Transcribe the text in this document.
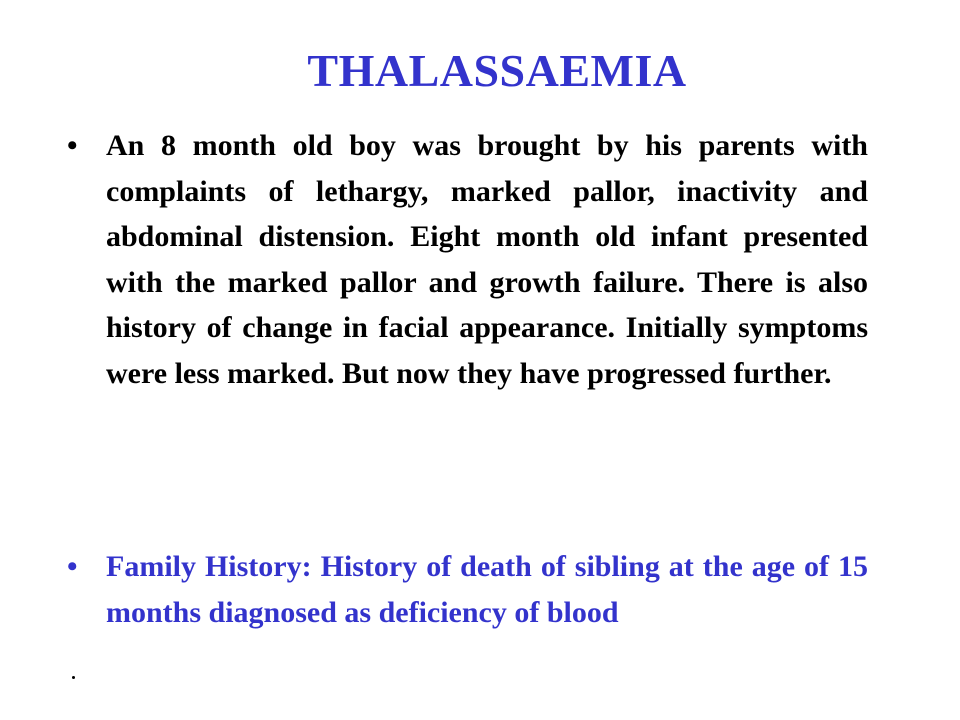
THALASSAEMIA
• An 8 month old boy was brought by his parents with complaints of lethargy, marked pallor, inactivity and abdominal distension. Eight month old infant presented with the marked pallor and growth failure. There is also history of change in facial appearance. Initially symptoms were less marked. But now they have progressed further.
• Family History: History of death of sibling at the age of 15 months diagnosed as deficiency of blood
